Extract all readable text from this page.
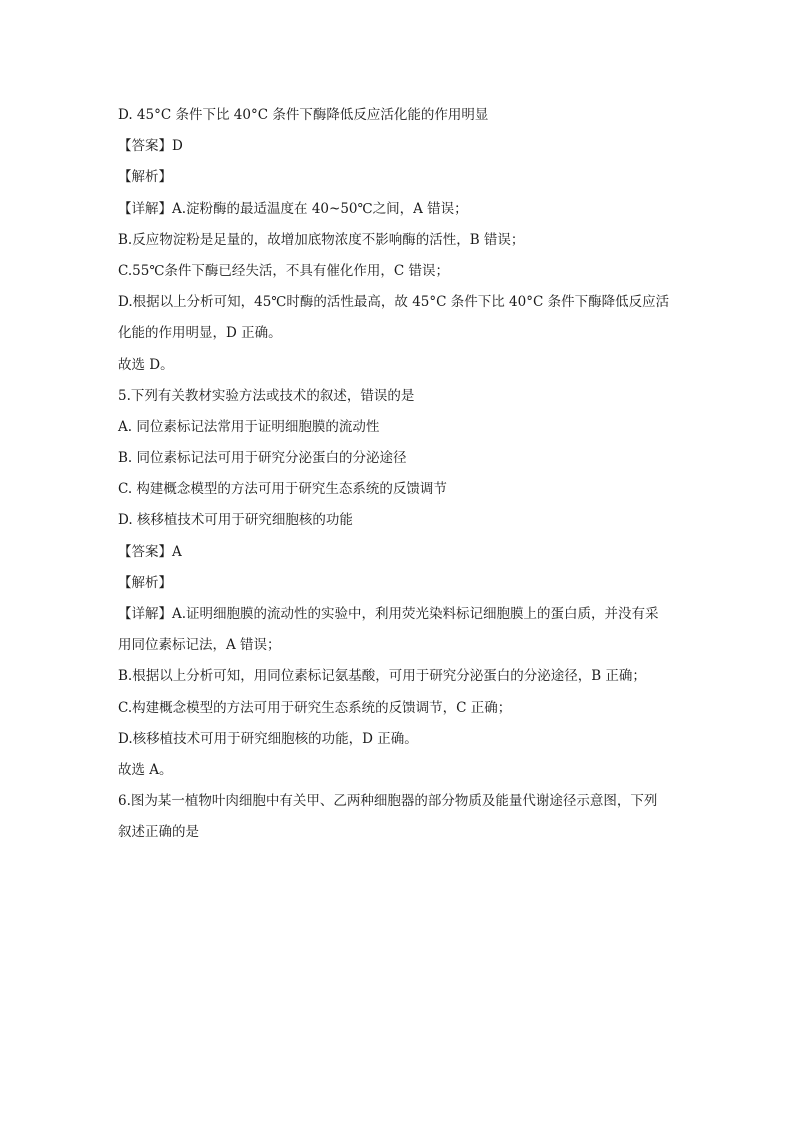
D. 45°C 条件下比 40°C 条件下酶降低反应活化能的作用明显

【答案】D

【解析】

【详解】A.淀粉酶的最适温度在 40~50℃之间，A 错误；

B.反应物淀粉是足量的，故增加底物浓度不影响酶的活性，B 错误；

C.55℃条件下酶已经失活，不具有催化作用，C 错误；

D.根据以上分析可知，45℃时酶的活性最高，故 45°C 条件下比 40°C 条件下酶降低反应活

化能的作用明显，D 正确。

故选 D。

5.下列有关教材实验方法或技术的叙述，错误的是

A. 同位素标记法常用于证明细胞膜的流动性

B. 同位素标记法可用于研究分泌蛋白的分泌途径

C. 构建概念模型的方法可用于研究生态系统的反馈调节

D. 核移植技术可用于研究细胞核的功能

【答案】A

【解析】

【详解】A.证明细胞膜的流动性的实验中，利用荧光染料标记细胞膜上的蛋白质，并没有采

用同位素标记法，A 错误；

B.根据以上分析可知，用同位素标记氨基酸，可用于研究分泌蛋白的分泌途径，B 正确；

C.构建概念模型的方法可用于研究生态系统的反馈调节，C 正确；

D.核移植技术可用于研究细胞核的功能，D 正确。

故选 A。

6.图为某一植物叶肉细胞中有关甲、乙两种细胞器的部分物质及能量代谢途径示意图，下列

叙述正确的是
